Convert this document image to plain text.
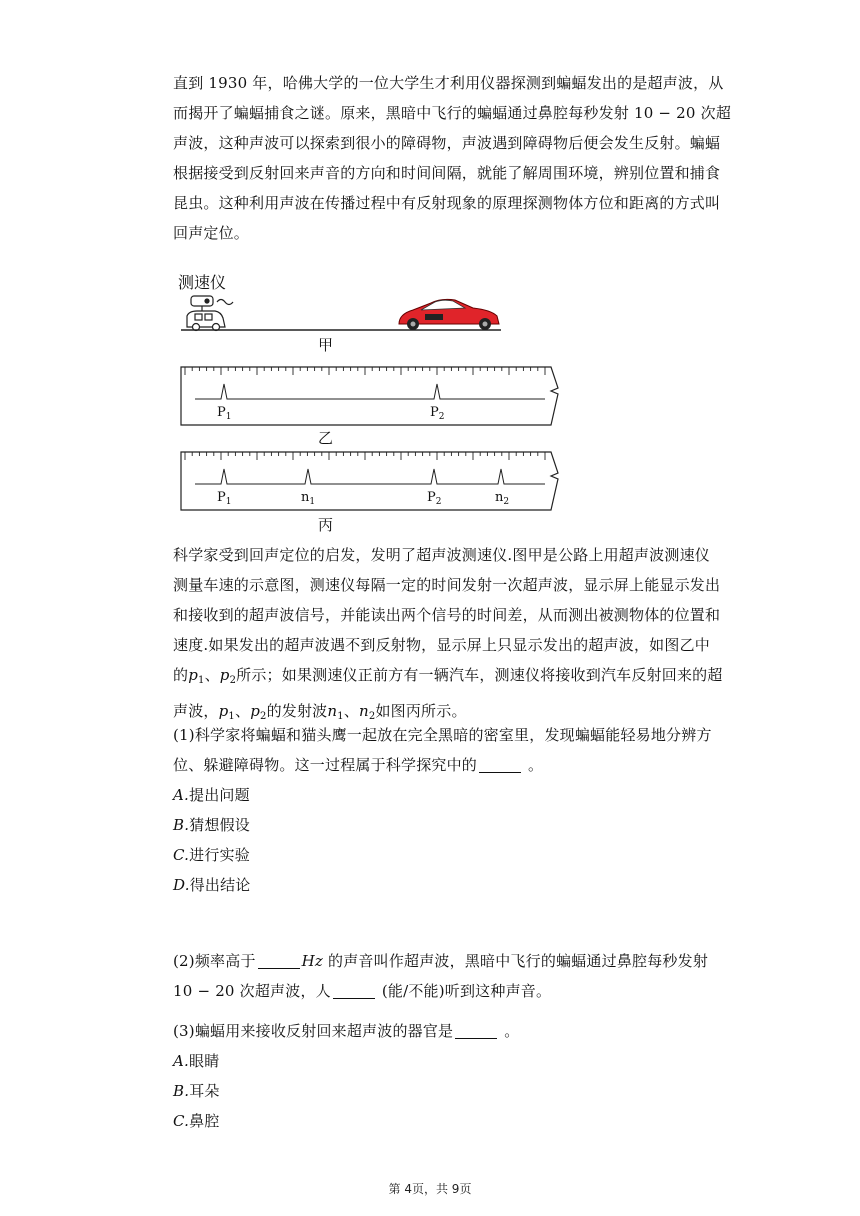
直到 1930 年，哈佛大学的一位大学生才利用仪器探测到蝙蝠发出的是超声波，从
而揭开了蝙蝠捕食之谜。原来，黑暗中飞行的蝙蝠通过鼻腔每秒发射 10 − 20 次超
声波，这种声波可以探索到很小的障碍物，声波遇到障碍物后便会发生反射。蝙蝠
根据接受到反射回来声音的方向和时间间隔，就能了解周围环境，辨别位置和捕食
昆虫。这种利用声波在传播过程中有反射现象的原理探测物体方位和距离的方式叫
回声定位。
测速仪
甲
$P_1$	$P_2$
乙
$P_1$	$n_1$	$P_2$	$n_2$
丙
科学家受到回声定位的启发，发明了超声波测速仪.图甲是公路上用超声波测速仪
测量车速的示意图，测速仪每隔一定的时间发射一次超声波，显示屏上能显示发出
和接收到的超声波信号，并能读出两个信号的时间差，从而测出被测物体的位置和
速度.如果发出的超声波遇不到反射物，显示屏上只显示发出的超声波，如图乙中
的$p_1$、$p_2$所示；如果测速仪正前方有一辆汽车，测速仪将接收到汽车反射回来的超
声波，$p_1$、$p_2$的发射波$n_1$、$n_2$如图丙所示。
(1)科学家将蝙蝠和猫头鹰一起放在完全黑暗的密室里，发现蝙蝠能轻易地分辨方
位、躲避障碍物。这一过程属于科学探究中的	。
A.提出问题
B.猜想假设
C.进行实验
D.得出结论
(2)频率高于	Hz 的声音叫作超声波，黑暗中飞行的蝙蝠通过鼻腔每秒发射
10 − 20 次超声波，人	(能/不能)听到这种声音。
(3)蝙蝠用来接收反射回来超声波的器官是	。
A.眼睛
B.耳朵
C.鼻腔
第 4页，共 9页
